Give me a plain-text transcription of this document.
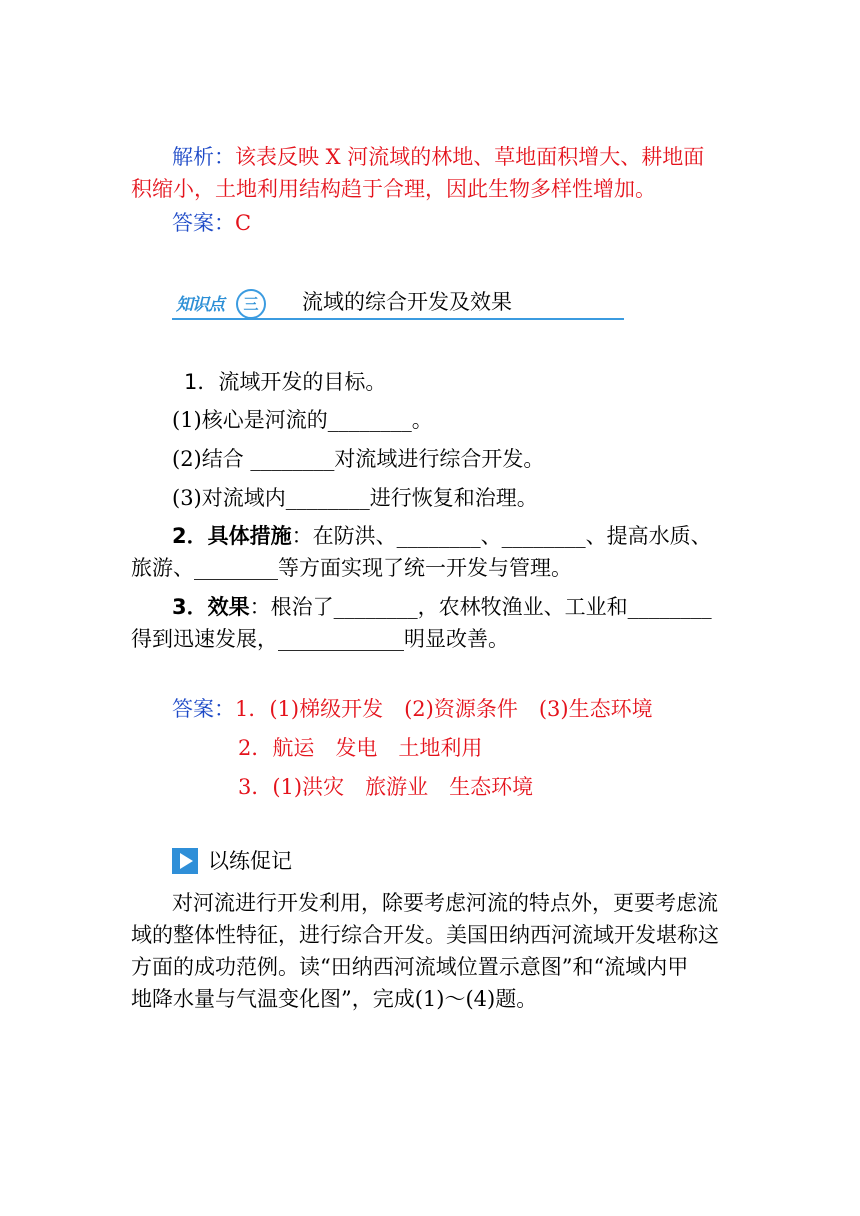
解析：该表反映 X 河流域的林地、草地面积增大、耕地面
积缩小，土地利用结构趋于合理，因此生物多样性增加。
答案：C
知识点	三	流域的综合开发及效果
1．流域开发的目标。
(1)核心是河流的________。
(2)结合 ________对流域进行综合开发。
(3)对流域内________进行恢复和治理。
2．具体措施：在防洪、________、________、提高水质、
旅游、________等方面实现了统一开发与管理。
3．效果：根治了________，农林牧渔业、工业和________
得到迅速发展，____________明显改善。
答案：1．(1)梯级开发　(2)资源条件　(3)生态环境
2．航运　发电　土地利用
3．(1)洪灾　旅游业　生态环境
以练促记
对河流进行开发利用，除要考虑河流的特点外，更要考虑流
域的整体性特征，进行综合开发。美国田纳西河流域开发堪称这
方面的成功范例。读“田纳西河流域位置示意图”和“流域内甲
地降水量与气温变化图”，完成(1)～(4)题。
